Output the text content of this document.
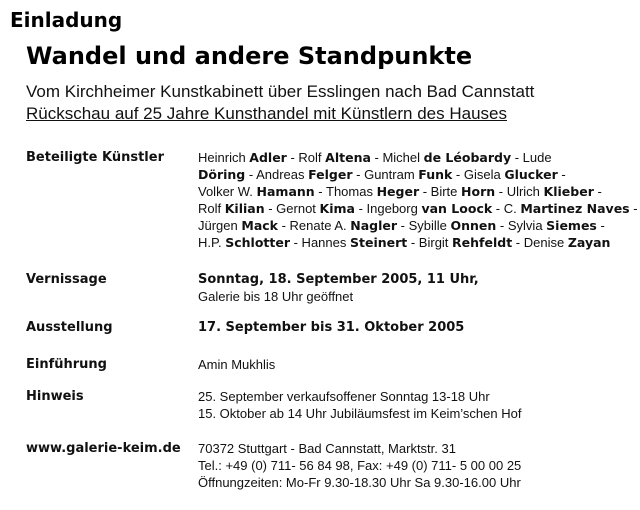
Einladung
Wandel und andere Standpunkte
Vom Kirchheimer Kunstkabinett über Esslingen nach Bad Cannstatt
Rückschau auf 25 Jahre Kunsthandel mit Künstlern des Hauses
Beteiligte Künstler	Heinrich Adler - Rolf Altena - Michel de Léobardy - Lude
Döring - Andreas Felger - Guntram Funk - Gisela Glucker -
Volker W. Hamann - Thomas Heger - Birte Horn - Ulrich Klieber -
Rolf Kilian - Gernot Kima - Ingeborg van Loock - C. Martinez Naves -
Jürgen Mack - Renate A. Nagler - Sybille Onnen - Sylvia Siemes -
H.P. Schlotter - Hannes Steinert - Birgit Rehfeldt - Denise Zayan
Vernissage	Sonntag, 18. September 2005, 11 Uhr,
Galerie bis 18 Uhr geöffnet
Ausstellung	17. September bis 31. Oktober 2005
Einführung	Amin Mukhlis
Hinweis	25. September verkaufsoffener Sonntag 13-18 Uhr
15. Oktober ab 14 Uhr Jubiläumsfest im Keim’schen Hof
www.galerie-keim.de 70372 Stuttgart - Bad Cannstatt, Marktstr. 31
Tel.: +49 (0) 711- 56 84 98, Fax: +49 (0) 711- 5 00 00 25
Öffnungzeiten: Mo-Fr 9.30-18.30 Uhr Sa 9.30-16.00 Uhr
